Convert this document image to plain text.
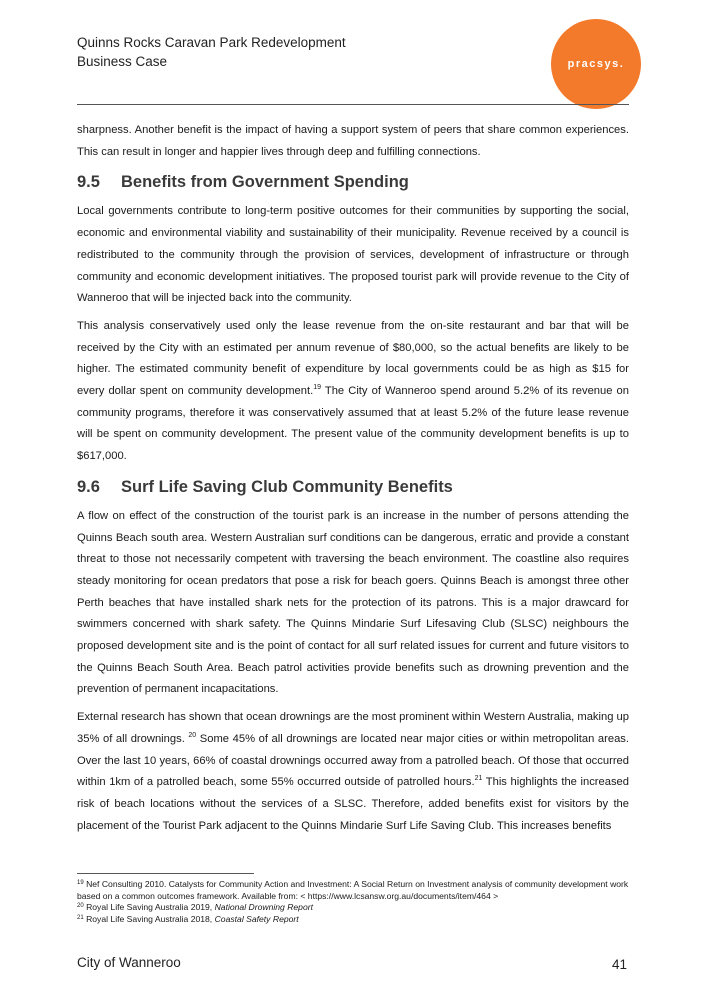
Quinns Rocks Caravan Park Redevelopment
Business Case	pracsys.

sharpness. Another benefit is the impact of having a support system of peers that share common experiences. This can result in longer and happier lives through deep and fulfilling connections.

9.5 Benefits from Government Spending

Local governments contribute to long-term positive outcomes for their communities by supporting the social, economic and environmental viability and sustainability of their municipality. Revenue received by a council is redistributed to the community through the provision of services, development of infrastructure or through community and economic development initiatives. The proposed tourist park will provide revenue to the City of Wanneroo that will be injected back into the community.

This analysis conservatively used only the lease revenue from the on-site restaurant and bar that will be received by the City with an estimated per annum revenue of $80,000, so the actual benefits are likely to be higher. The estimated community benefit of expenditure by local governments could be as high as $15 for every dollar spent on community development.$^{19}$ The City of Wanneroo spend around 5.2% of its revenue on community programs, therefore it was conservatively assumed that at least 5.2% of the future lease revenue will be spent on community development. The present value of the community development benefits is up to $617,000.

9.6 Surf Life Saving Club Community Benefits

A flow on effect of the construction of the tourist park is an increase in the number of persons attending the Quinns Beach south area. Western Australian surf conditions can be dangerous, erratic and provide a constant threat to those not necessarily competent with traversing the beach environment. The coastline also requires steady monitoring for ocean predators that pose a risk for beach goers. Quinns Beach is amongst three other Perth beaches that have installed shark nets for the protection of its patrons. This is a major drawcard for swimmers concerned with shark safety. The Quinns Mindarie Surf Lifesaving Club (SLSC) neighbours the proposed development site and is the point of contact for all surf related issues for current and future visitors to the Quinns Beach South Area. Beach patrol activities provide benefits such as drowning prevention and the prevention of permanent incapacitations.

External research has shown that ocean drownings are the most prominent within Western Australia, making up 35% of all drownings. $^{20}$ Some 45% of all drownings are located near major cities or within metropolitan areas. Over the last 10 years, 66% of coastal drownings occurred away from a patrolled beach. Of those that occurred within 1km of a patrolled beach, some 55% occurred outside of patrolled hours.$^{21}$ This highlights the increased risk of beach locations without the services of a SLSC. Therefore, added benefits exist for visitors by the placement of the Tourist Park adjacent to the Quinns Mindarie Surf Life Saving Club. This increases benefits

$^{19}$ Nef Consulting 2010. Catalysts for Community Action and Investment: A Social Return on Investment analysis of community development work based on a common outcomes framework. Available from: < https://www.lcsansw.org.au/documents/item/464 >
$^{20}$ Royal Life Saving Australia 2019, National Drowning Report
$^{21}$ Royal Life Saving Australia 2018, Coastal Safety Report
City of Wanneroo	41
